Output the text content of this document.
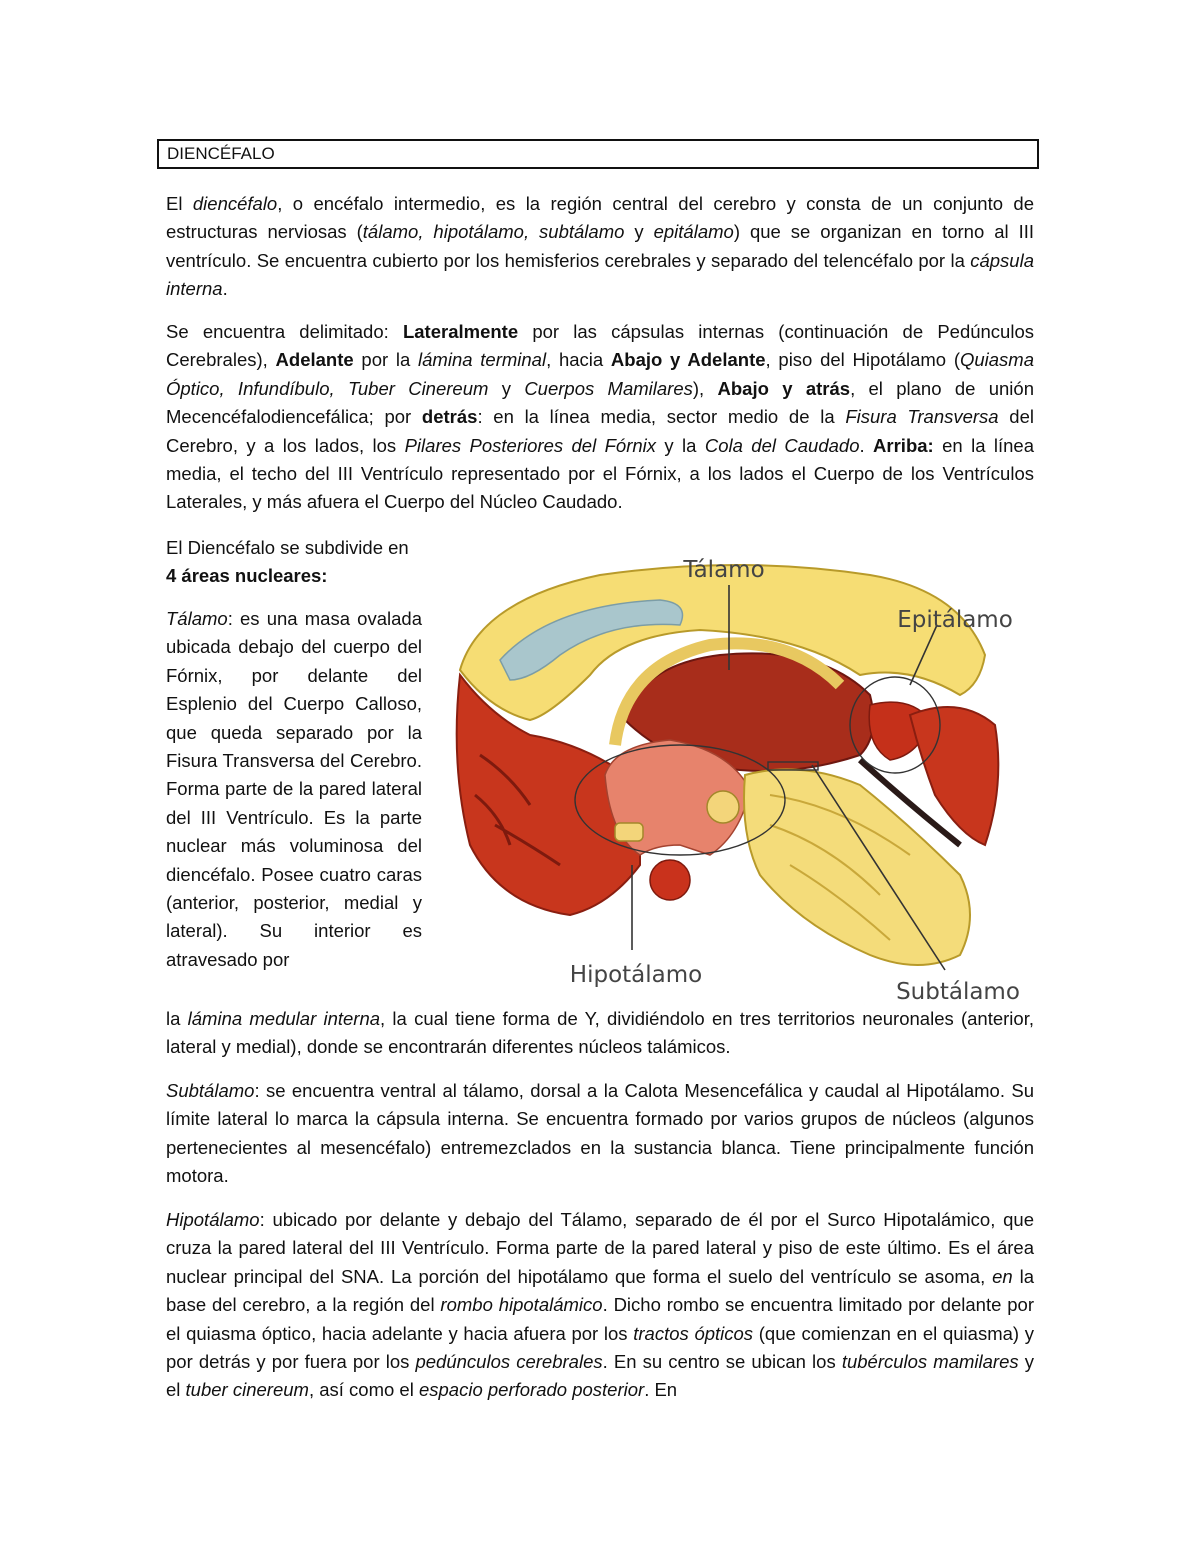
DIENCÉFALO
El diencéfalo, o encéfalo intermedio, es la región central del cerebro y consta de un conjunto de estructuras nerviosas (tálamo, hipotálamo, subtálamo y epitálamo) que se organizan en torno al III ventrículo. Se encuentra cubierto por los hemisferios cerebrales y separado del telencéfalo por la cápsula interna.
Se encuentra delimitado: Lateralmente por las cápsulas internas (continuación de Pedúnculos Cerebrales), Adelante por la lámina terminal, hacia Abajo y Adelante, piso del Hipotálamo (Quiasma Óptico, Infundíbulo, Tuber Cinereum y Cuerpos Mamilares), Abajo y atrás, el plano de unión Mecencéfalodiencefálica; por detrás: en la línea media, sector medio de la Fisura Transversa del Cerebro, y a los lados, los Pilares Posteriores del Fórnix y la Cola del Caudado. Arriba: en la línea media, el techo del III Ventrículo representado por el Fórnix, a los lados el Cuerpo de los Ventrículos Laterales, y más afuera el Cuerpo del Núcleo Caudado.
El Diencéfalo se subdivide en
4 áreas nucleares:
Tálamo: es una masa ovalada ubicada debajo del cuerpo del Fórnix, por delante del Esplenio del Cuerpo Calloso, que queda separado por la Fisura Transversa del Cerebro. Forma parte de la pared lateral del III Ventrículo. Es la parte nuclear más voluminosa del diencéfalo. Posee cuatro caras (anterior, posterior, medial y lateral). Su interior es atravesado por
la lámina medular interna, la cual tiene forma de Y, dividiéndolo en tres territorios neuronales (anterior, lateral y medial), donde se encontrarán diferentes núcleos talámicos.
Subtálamo: se encuentra ventral al tálamo, dorsal a la Calota Mesencefálica y caudal al Hipotálamo. Su límite lateral lo marca la cápsula interna. Se encuentra formado por varios grupos de núcleos (algunos pertenecientes al mesencéfalo) entremezclados en la sustancia blanca. Tiene principalmente función motora.
Hipotálamo: ubicado por delante y debajo del Tálamo, separado de él por el Surco Hipotalámico, que cruza la pared lateral del III Ventrículo. Forma parte de la pared lateral y piso de este último. Es el área nuclear principal del SNA. La porción del hipotálamo que forma el suelo del ventrículo se asoma, en la base del cerebro, a la región del rombo hipotalámico. Dicho rombo se encuentra limitado por delante por el quiasma óptico, hacia adelante y hacia afuera por los tractos ópticos (que comienzan en el quiasma) y por detrás y por fuera por los pedúnculos cerebrales. En su centro se ubican los tubérculos mamilares y el tuber cinereum, así como el espacio perforado posterior. En
Tálamo
Epitálamo
Hipotálamo
Subtálamo
